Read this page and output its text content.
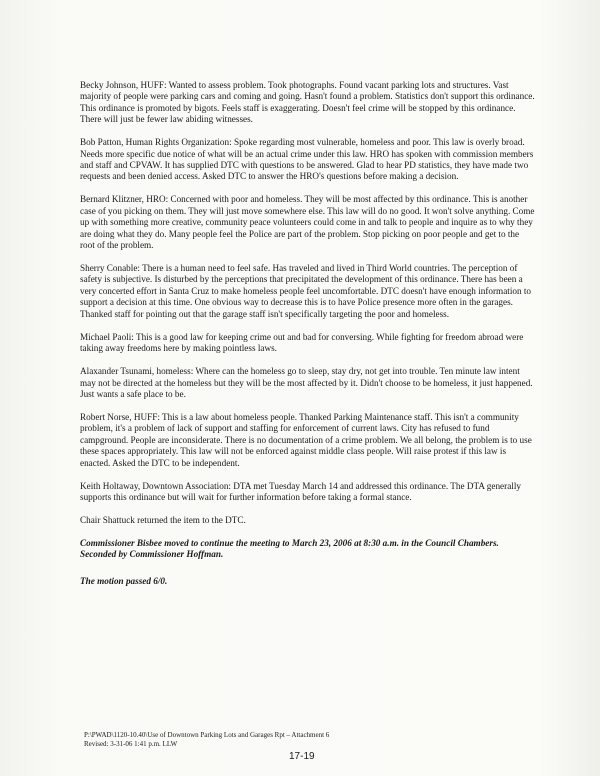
Becky Johnson, HUFF: Wanted to assess problem. Took photographs. Found vacant parking lots and structures. Vast majority of people were parking cars and coming and going. Hasn't found a problem. Statistics don't support this ordinance. This ordinance is promoted by bigots. Feels staff is exaggerating. Doesn't feel crime will be stopped by this ordinance. There will just be fewer law abiding witnesses.

Bob Patton, Human Rights Organization: Spoke regarding most vulnerable, homeless and poor. This law is overly broad. Needs more specific due notice of what will be an actual crime under this law. HRO has spoken with commission members and staff and CPVAW. It has supplied DTC with questions to be answered. Glad to hear PD statistics, they have made two requests and been denied access. Asked DTC to answer the HRO's questions before making a decision.

Bernard Klitzner, HRO: Concerned with poor and homeless. They will be most affected by this ordinance. This is another case of you picking on them. They will just move somewhere else. This law will do no good. It won't solve anything. Come up with something more creative, community peace volunteers could come in and talk to people and inquire as to why they are doing what they do. Many people feel the Police are part of the problem. Stop picking on poor people and get to the root of the problem.

Sherry Conable: There is a human need to feel safe. Has traveled and lived in Third World countries. The perception of safety is subjective. Is disturbed by the perceptions that precipitated the development of this ordinance. There has been a very concerted effort in Santa Cruz to make homeless people feel uncomfortable. DTC doesn't have enough information to support a decision at this time. One obvious way to decrease this is to have Police presence more often in the garages. Thanked staff for pointing out that the garage staff isn't specifically targeting the poor and homeless.

Michael Paoli: This is a good law for keeping crime out and bad for conversing. While fighting for freedom abroad were taking away freedoms here by making pointless laws.

Alaxander Tsunami, homeless: Where can the homeless go to sleep, stay dry, not get into trouble. Ten minute law intent may not be directed at the homeless but they will be the most affected by it. Didn't choose to be homeless, it just happened. Just wants a safe place to be.

Robert Norse, HUFF: This is a law about homeless people. Thanked Parking Maintenance staff. This isn't a community problem, it's a problem of lack of support and staffing for enforcement of current laws. City has refused to fund campground. People are inconsiderate. There is no documentation of a crime problem. We all belong, the problem is to use these spaces appropriately. This law will not be enforced against middle class people. Will raise protest if this law is enacted. Asked the DTC to be independent.

Keith Holtaway, Downtown Association: DTA met Tuesday March 14 and addressed this ordinance. The DTA generally supports this ordinance but will wait for further information before taking a formal stance.

Chair Shattuck returned the item to the DTC.

Commissioner Bisbee moved to continue the meeting to March 23, 2006 at 8:30 a.m. in the Council Chambers. Seconded by Commissioner Hoffman.

The motion passed 6/0.

P:\PWAD\1120-10.40\Use of Downtown Parking Lots and Garages Rpt – Attachment 6
Revised: 3-31-06 1:41 p.m. LLW
17-19
